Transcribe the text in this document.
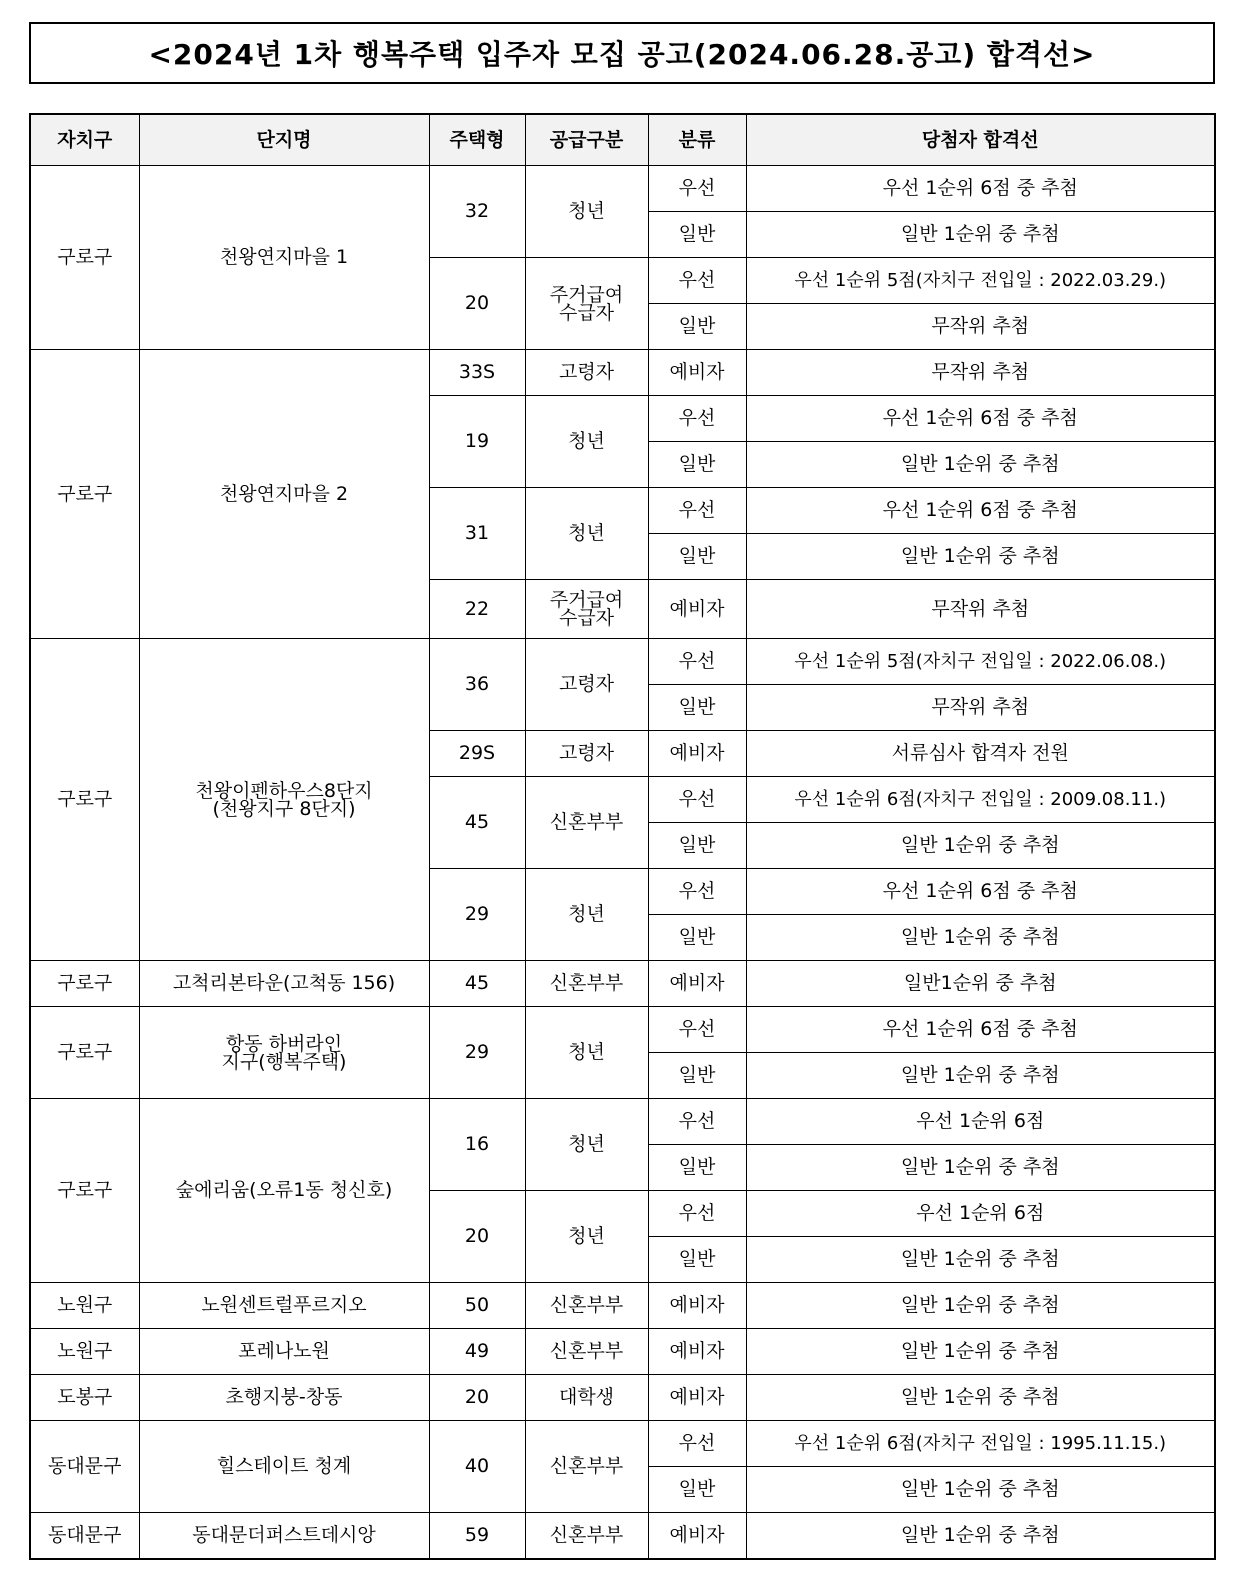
<2024년 1차 행복주택 입주자 모집 공고(2024.06.28.공고) 합격선>
자치구	단지명	주택형	공급구분	분류	당첨자 합격선
구로구	천왕연지마을 1	32	청년	우선	우선 1순위 6점 중 추첨
				일반	일반 1순위 중 추첨
		20	주거급여
수급자	우선	우선 1순위 5점(자치구 전입일 : 2022.03.29.)
				일반	무작위 추첨
구로구	천왕연지마을 2	33S	고령자	예비자	무작위 추첨
		19	청년	우선	우선 1순위 6점 중 추첨
				일반	일반 1순위 중 추첨
		31	청년	우선	우선 1순위 6점 중 추첨
				일반	일반 1순위 중 추첨
		22	주거급여
수급자	예비자	무작위 추첨
구로구	천왕이펜하우스8단지
(천왕지구 8단지)	36	고령자	우선	우선 1순위 5점(자치구 전입일 : 2022.06.08.)
				일반	무작위 추첨
		29S	고령자	예비자	서류심사 합격자 전원
		45	신혼부부	우선	우선 1순위 6점(자치구 전입일 : 2009.08.11.)
				일반	일반 1순위 중 추첨
		29	청년	우선	우선 1순위 6점 중 추첨
				일반	일반 1순위 중 추첨
구로구	고척리본타운(고척동 156)	45	신혼부부	예비자	일반1순위 중 추첨
구로구	항동 하버라인
지구(행복주택)	29	청년	우선	우선 1순위 6점 중 추첨
				일반	일반 1순위 중 추첨
구로구	숲에리움(오류1동 청신호)	16	청년	우선	우선 1순위 6점
				일반	일반 1순위 중 추첨
		20	청년	우선	우선 1순위 6점
				일반	일반 1순위 중 추첨
노원구	노원센트럴푸르지오	50	신혼부부	예비자	일반 1순위 중 추첨
노원구	포레나노원	49	신혼부부	예비자	일반 1순위 중 추첨
도봉구	초행지붕-창동	20	대학생	예비자	일반 1순위 중 추첨
동대문구	힐스테이트 청계	40	신혼부부	우선	우선 1순위 6점(자치구 전입일 : 1995.11.15.)
				일반	일반 1순위 중 추첨
동대문구	동대문더퍼스트데시앙	59	신혼부부	예비자	일반 1순위 중 추첨
